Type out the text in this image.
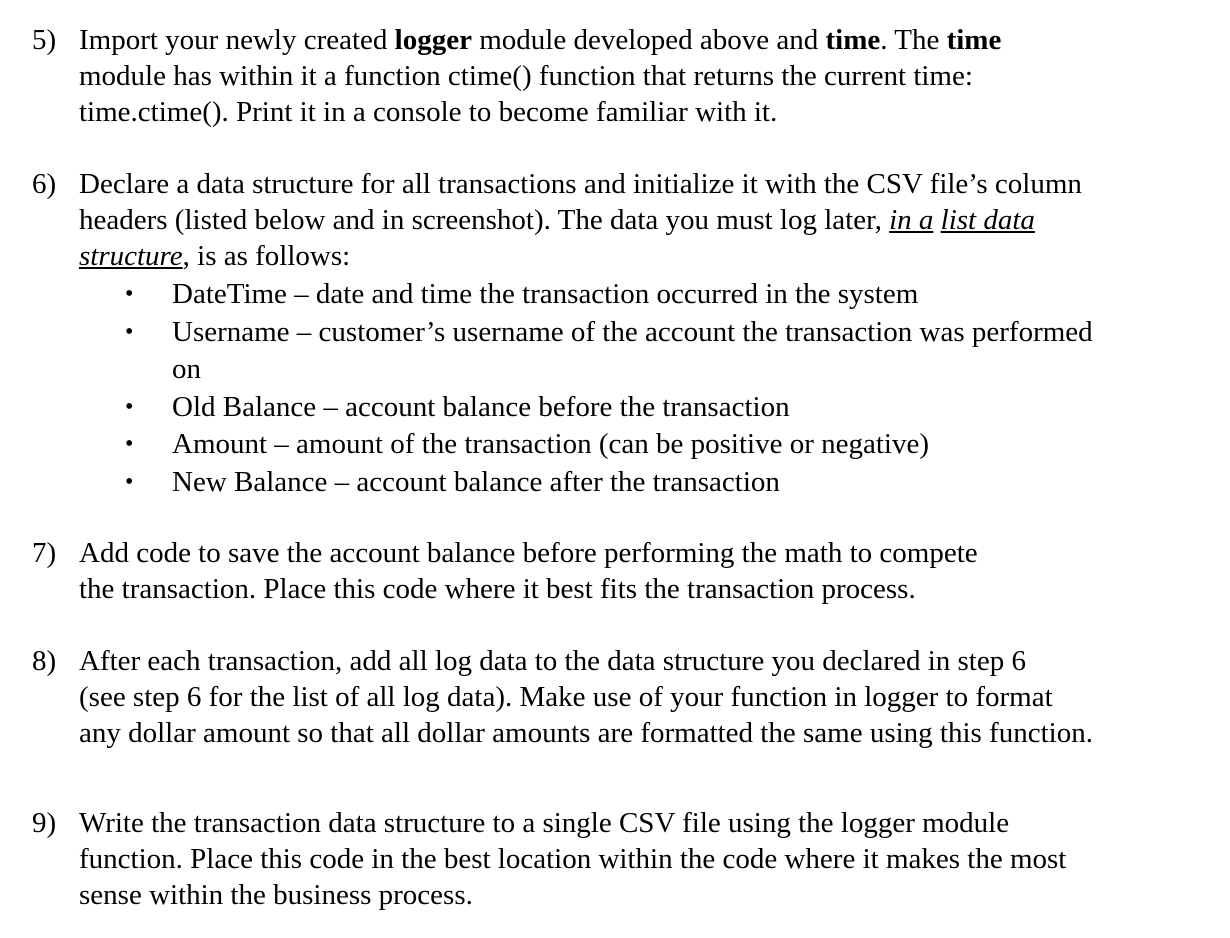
5) Import your newly created logger module developed above and time. The time
module has within it a function ctime() function that returns the current time:
time.ctime(). Print it in a console to become familiar with it.
6) Declare a data structure for all transactions and initialize it with the CSV file’s column
headers (listed below and in screenshot). The data you must log later, in a list data
structure, is as follows:
• DateTime – date and time the transaction occurred in the system
• Username – customer’s username of the account the transaction was performed
on
• Old Balance – account balance before the transaction
• Amount – amount of the transaction (can be positive or negative)
• New Balance – account balance after the transaction
7) Add code to save the account balance before performing the math to compete
the transaction. Place this code where it best fits the transaction process.
8) After each transaction, add all log data to the data structure you declared in step 6
(see step 6 for the list of all log data). Make use of your function in logger to format
any dollar amount so that all dollar amounts are formatted the same using this function.
9) Write the transaction data structure to a single CSV file using the logger module
function. Place this code in the best location within the code where it makes the most
sense within the business process.
